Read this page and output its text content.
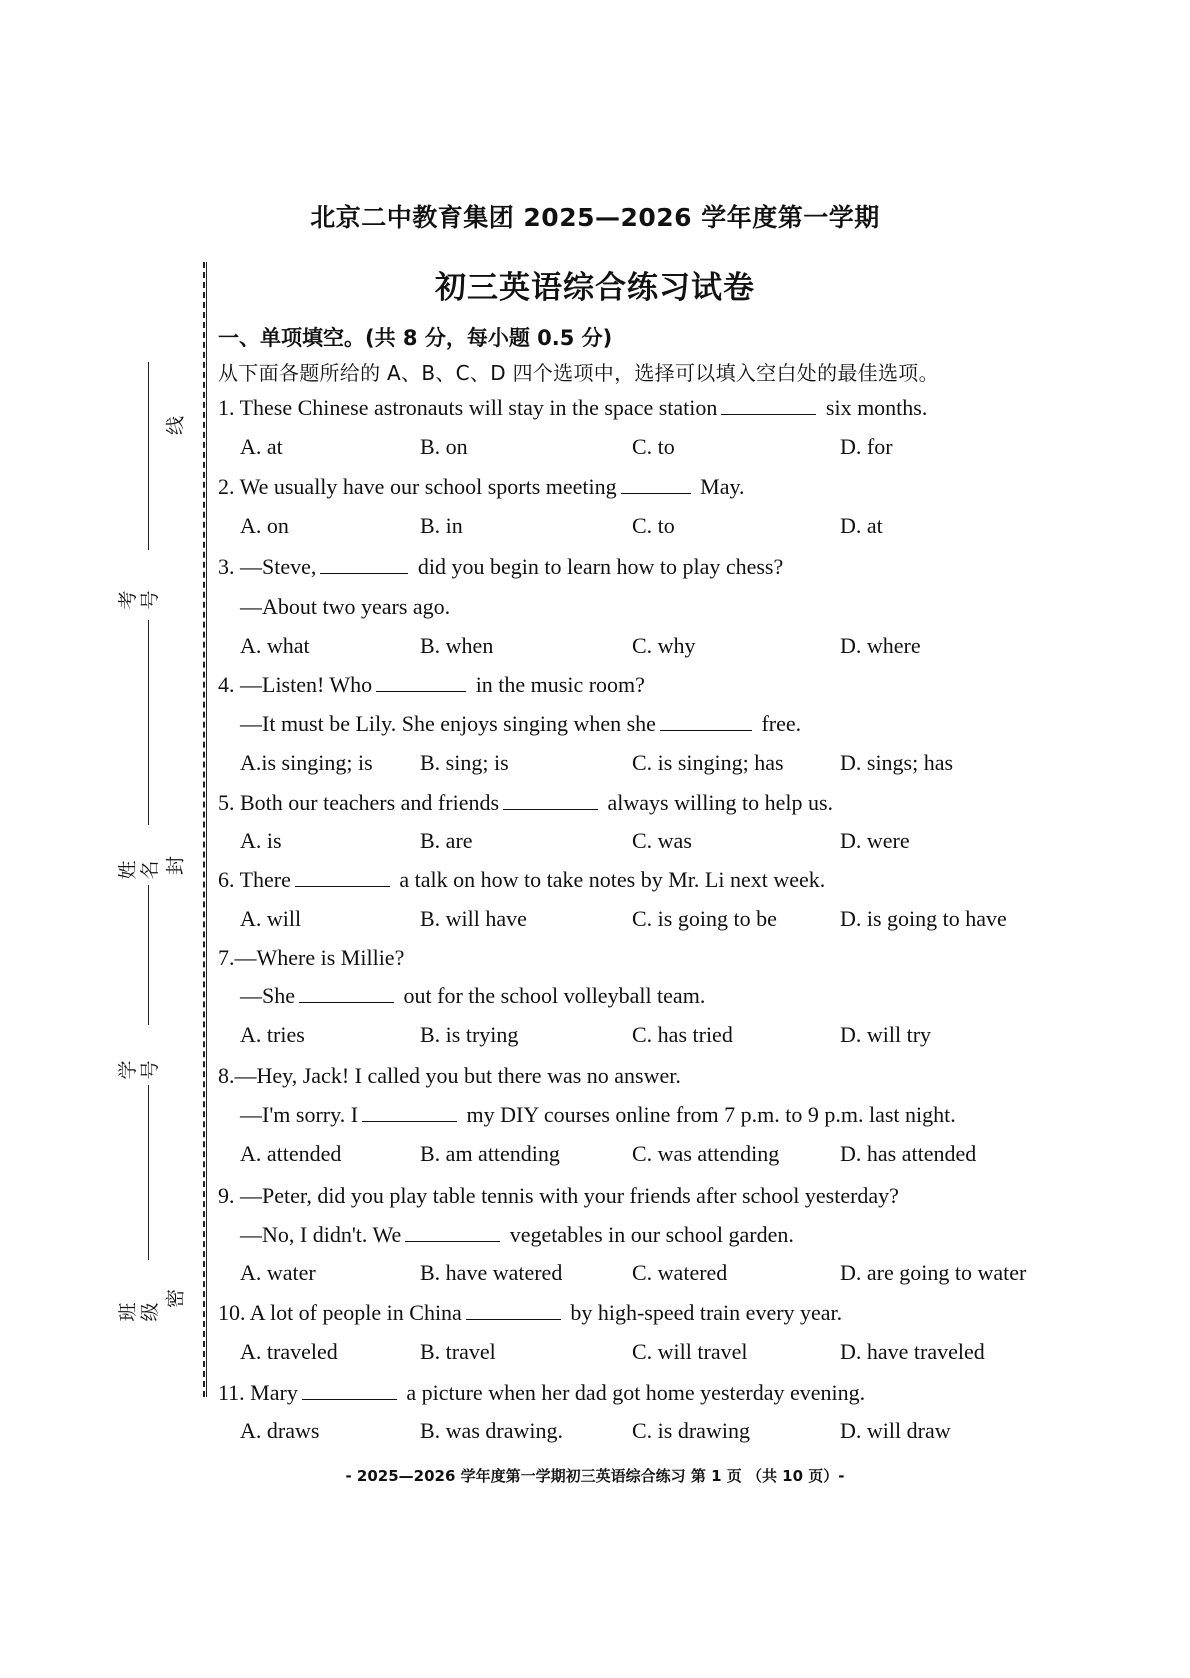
北京二中教育集团 2025—2026 学年度第一学期
初三英语综合练习试卷
考号
姓名
学号
班级
线
封
密
一、单项填空。(共 8 分，每小题 0.5 分)
从下面各题所给的 A、B、C、D 四个选项中，选择可以填入空白处的最佳选项。
1. These Chinese astronauts will stay in the space station	six months.
A. at	B. on	C. to	D. for
2. We usually have our school sports meeting	May.
A. on	B. in	C. to	D. at
3. —Steve,	did you begin to learn how to play chess?
—About two years ago.
A. what	B. when	C. why	D. where
4. —Listen! Who	in the music room?
—It must be Lily. She enjoys singing when she	free.
A.is singing; is B. sing; is	C. is singing; has	D. sings; has
5. Both our teachers and friends	always willing to help us.
A. is	B. are	C. was	D. were
6. There	a talk on how to take notes by Mr. Li next week.
A. will	B. will have	C. is going to be	D. is going to have
7.—Where is Millie?
—She	out for the school volleyball team.
A. tries	B. is trying	C. has tried	D. will try
8.—Hey, Jack! I called you but there was no answer.
—I'm sorry. I	my DIY courses online from 7 p.m. to 9 p.m. last night.
A. attended	B. am attending	C. was attending	D. has attended
9. —Peter, did you play table tennis with your friends after school yesterday?
—No, I didn't. We	vegetables in our school garden.
A. water	B. have watered	C. watered	D. are going to water
10. A lot of people in China	by high-speed train every year.
A. traveled	B. travel	C. will travel	D. have traveled
11. Mary	a picture when her dad got home yesterday evening.
A. draws	B. was drawing.	C. is drawing	D. will draw
- 2025—2026 学年度第一学期初三英语综合练习 第 1 页 （共 10 页）-
